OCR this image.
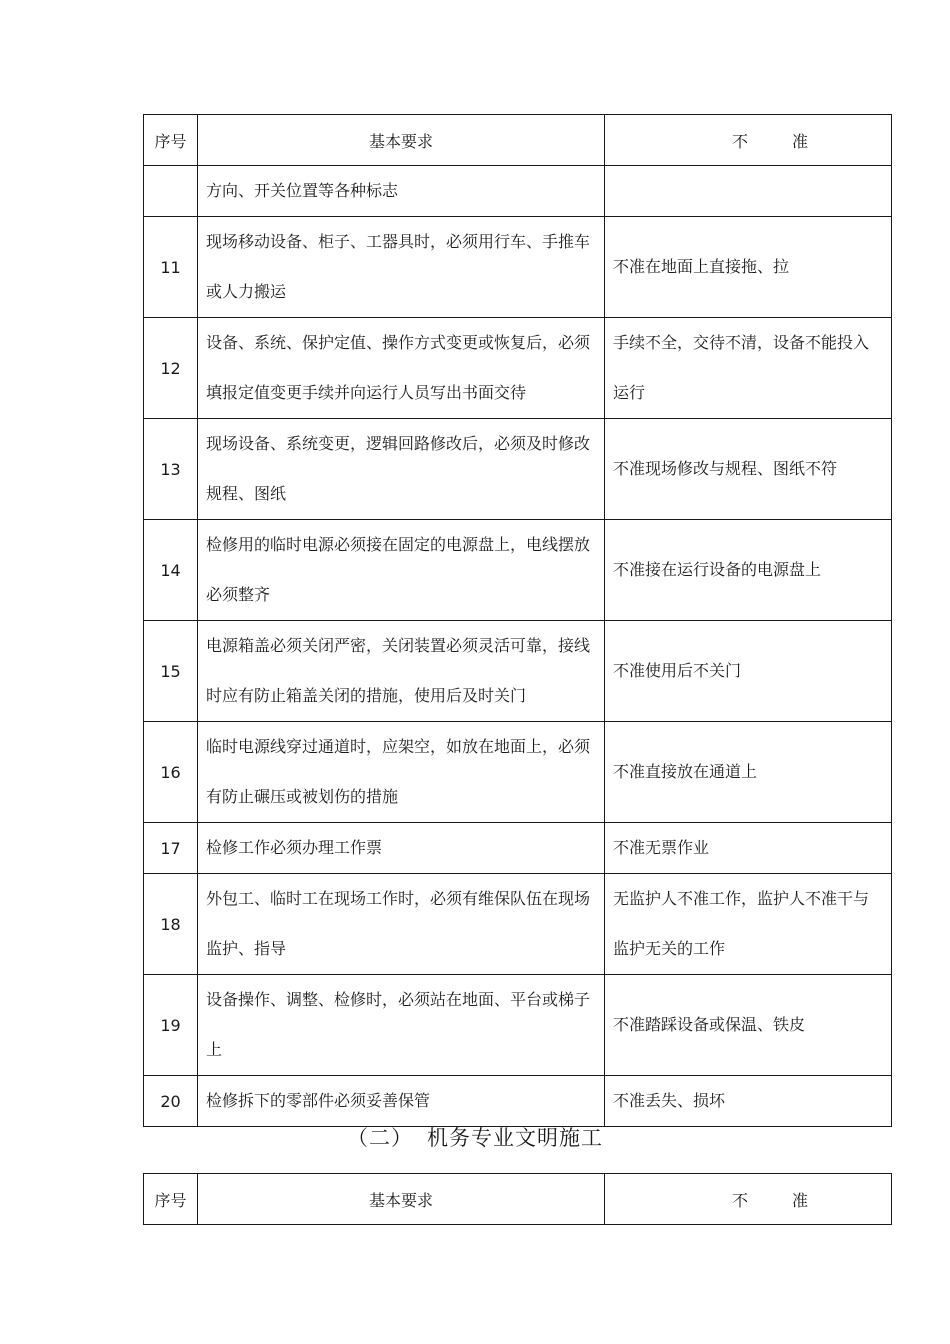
序号	基本要求	不准
	方向、开关位置等各种标志	
11	现场移动设备、柜子、工器具时，必须用行车、手推车或人力搬运	不准在地面上直接拖、拉
12	设备、系统、保护定值、操作方式变更或恢复后，必须填报定值变更手续并向运行人员写出书面交待	手续不全，交待不清，设备不能投入运行
13	现场设备、系统变更，逻辑回路修改后，必须及时修改规程、图纸	不准现场修改与规程、图纸不符
14	检修用的临时电源必须接在固定的电源盘上，电线摆放必须整齐	不准接在运行设备的电源盘上
15	电源箱盖必须关闭严密，关闭装置必须灵活可靠，接线时应有防止箱盖关闭的措施，使用后及时关门	不准使用后不关门
16	临时电源线穿过通道时，应架空，如放在地面上，必须有防止碾压或被划伤的措施	不准直接放在通道上
17	检修工作必须办理工作票	不准无票作业
18	外包工、临时工在现场工作时，必须有维保队伍在现场监护、指导	无监护人不准工作，监护人不准干与监护无关的工作
19	设备操作、调整、检修时，必须站在地面、平台或梯子上	不准踏踩设备或保温、铁皮
20	检修拆下的零部件必须妥善保管	不准丢失、损坏
（二） 机务专业文明施工
序号	基本要求	不准
